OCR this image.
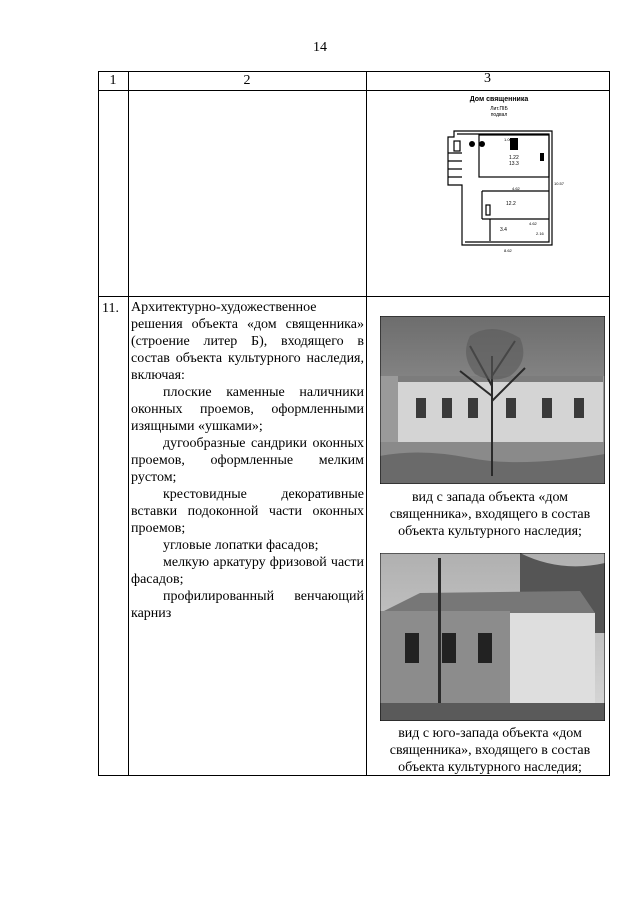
14
1	2	3
Дом священника
Лит.ПIБ
подвал
1.00
1.22
13.3
4.62
12.2
4.62
3.4
2.16
8.62
10.57
11. Архитектурно-художественное решения объекта «дом священника» (строение литер Б), входящего в состав объекта культурного наследия, включая:

плоские каменные наличники оконных проемов, оформленными изящными «ушками»;

дугообразные сандрики оконных проемов, оформленные мелким рустом;

крестовидные декоративные вставки подоконной части оконных проемов;

угловые лопатки фасадов;

мелкую аркатуру фризовой части фасадов;

профилированный венчающий карниз

вид с запада объекта «дом священника», входящего в состав объекта культурного наследия;
вид с юго-запада объекта «дом священника», входящего в состав объекта культурного наследия;
